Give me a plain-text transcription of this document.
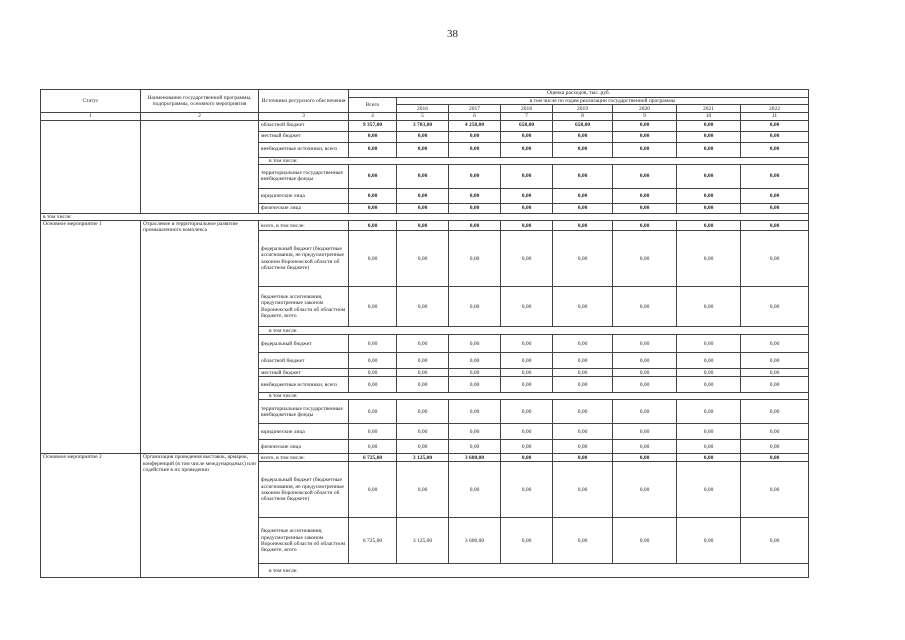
38
Статус	Наименование государственной программы, подпрограммы, основного мероприятия	Источники ресурсного обеспечения	Оценка расходов, тыс. руб.							
			Всего	в том числе по годам реализации государственной программы						
				2016	2017	2018	2019	2020	2021	2022
1	2	3	4	5	6	7	8	9	10	11
		областной бюджет	9 357,00	3 783,00	4 258,00	658,00	658,00	0,00	0,00	0,00
		местный бюджет	0,00	0,00	0,00	0,00	0,00	0,00	0,00	0,00
		внебюджетные источники, всего	0,00	0,00	0,00	0,00	0,00	0,00	0,00	0,00
		в том числе:								
		территориальные государственные внебюджетные фонды	0,00	0,00	0,00	0,00	0,00	0,00	0,00	0,00
		юридические лица	0,00	0,00	0,00	0,00	0,00	0,00	0,00	0,00
		физические лица	0,00	0,00	0,00	0,00	0,00	0,00	0,00	0,00
в том числе:										
Основное мероприятие 1	Отраслевое и территориальное развитие промышленного комплекса	всего, в том числе:	0,00	0,00	0,00	0,00	0,00	0,00	0,00	0,00
		федеральный бюджет (бюджетные ассигнования, не предусмотренные законом Воронежской области об областном бюджете)	0,00	0,00	0,00	0,00	0,00	0,00	0,00	0,00
		бюджетные ассигнования, предусмотренные законом Воронежской области об областном бюджете, всего	0,00	0,00	0,00	0,00	0,00	0,00	0,00	0,00
		в том числе:								
		федеральный бюджет	0,00	0,00	0,00	0,00	0,00	0,00	0,00	0,00
		областной бюджет	0,00	0,00	0,00	0,00	0,00	0,00	0,00	0,00
		местный бюджет	0,00	0,00	0,00	0,00	0,00	0,00	0,00	0,00
		внебюджетные источники, всего	0,00	0,00	0,00	0,00	0,00	0,00	0,00	0,00
		в том числе:								
		территориальные государственные внебюджетные фонды	0,00	0,00	0,00	0,00	0,00	0,00	0,00	0,00
		юридические лица	0,00	0,00	0,00	0,00	0,00	0,00	0,00	0,00
		физические лица	0,00	0,00	0,00	0,00	0,00	0,00	0,00	0,00
Основное мероприятие 2	Организация проведения выставок, ярмарок, конференций (в том числе международных) или содействие в их проведении	всего, в том числе:	6 725,00	3 125,00	3 600,00	0,00	0,00	0,00	0,00	0,00
		федеральный бюджет (бюджетные ассигнования, не предусмотренные законом Воронежской области об областном бюджете)	0,00	0,00	0,00	0,00	0,00	0,00	0,00	0,00
		бюджетные ассигнования, предусмотренные законом Воронежской области об областном бюджете, всего	6 725,00	3 125,00	3 600,00	0,00	0,00	0,00	0,00	0,00
		в том числе:								
